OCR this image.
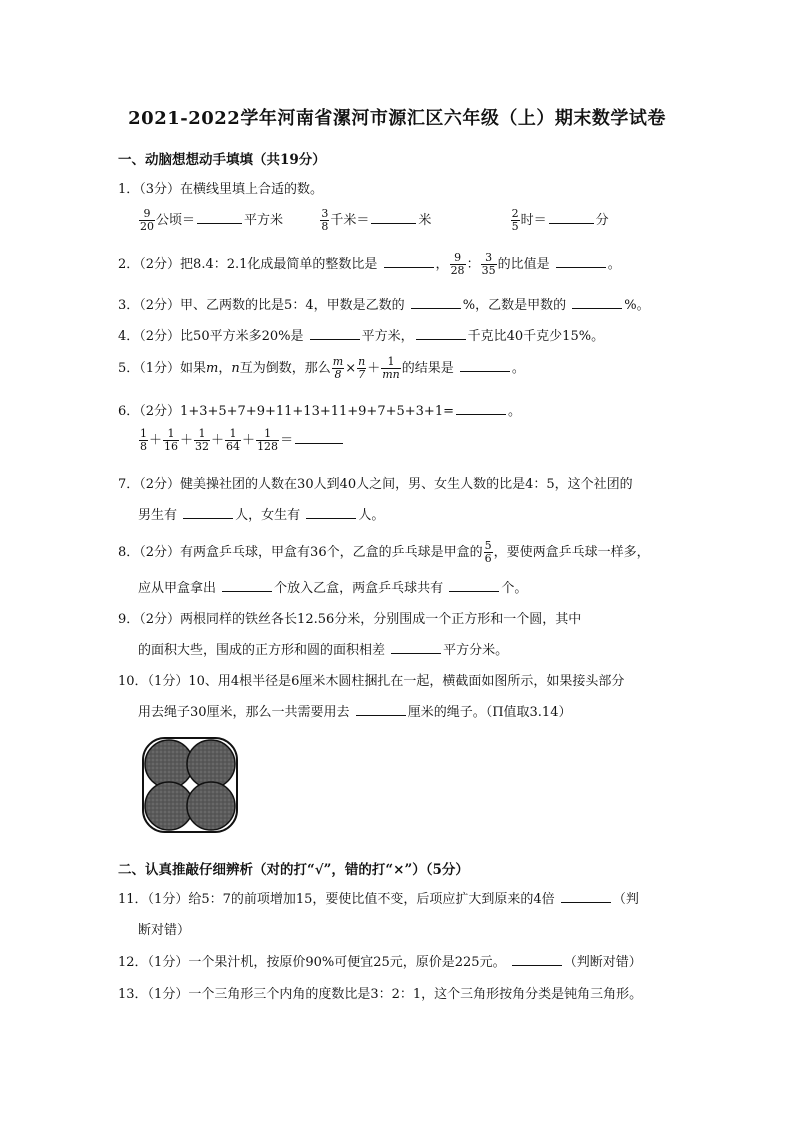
2021-2022学年河南省漯河市源汇区六年级（上）期末数学试卷
一、动脑想想动手填填（共19分）
1．（3分）在横线里填上合适的数。
$\frac{9}{20}$ 公顷＝	平方米	$\frac{3}{8}$ 千米＝	米	$\frac{2}{5}$ 时＝	分
2．（2分）把8.4：2.1化成最简单的整数比是	， $\frac{9}{28}$ ： $\frac{3}{35}$ 的比值是	。
3．（2分）甲、乙两数的比是5：4，甲数是乙数的	%，乙数是甲数的	%。
4．（2分）比50平方米多20%是	平方米，	千克比40千克少15%。
5．（1分）如果m，n互为倒数，那么 $\frac{m}{8} \times \frac{n}{7} + \frac{1}{mn}$ 的结果是	。
6．（2分）1+3+5+7+9+11+13+11+9+7+5+3+1=	。
$\frac{1}{8} + \frac{1}{16} + \frac{1}{32} + \frac{1}{64} + \frac{1}{128}$ ＝
7．（2分）健美操社团的人数在30人到40人之间，男、女生人数的比是4：5，这个社团的
男生有	人，女生有	人。
8．（2分）有两盒乒乓球，甲盒有36个，乙盒的乒乓球是甲盒的 $\frac{5}{6}$ ，要使两盒乒乓球一样多，
应从甲盒拿出	个放入乙盒，两盒乒乓球共有	个。
9．（2分）两根同样的铁丝各长12.56分米，分别围成一个正方形和一个圆，其中
的面积大些，围成的正方形和圆的面积相差	平方分米。
10．（1分）10、用4根半径是6厘米木圆柱捆扎在一起，横截面如图所示，如果接头部分
用去绳子30厘米，那么一共需要用去	厘米的绳子。（Π值取3.14）
二、认真推敲仔细辨析（对的打“√”，错的打“×”）（5分）
11．（1分）给5：7的前项增加15，要使比值不变，后项应扩大到原来的4倍	（判
断对错）
12．（1分）一个果汁机，按原价90%可便宜25元，原价是225元。	（判断对错）
13．（1分）一个三角形三个内角的度数比是3：2：1，这个三角形按角分类是钝角三角形。
